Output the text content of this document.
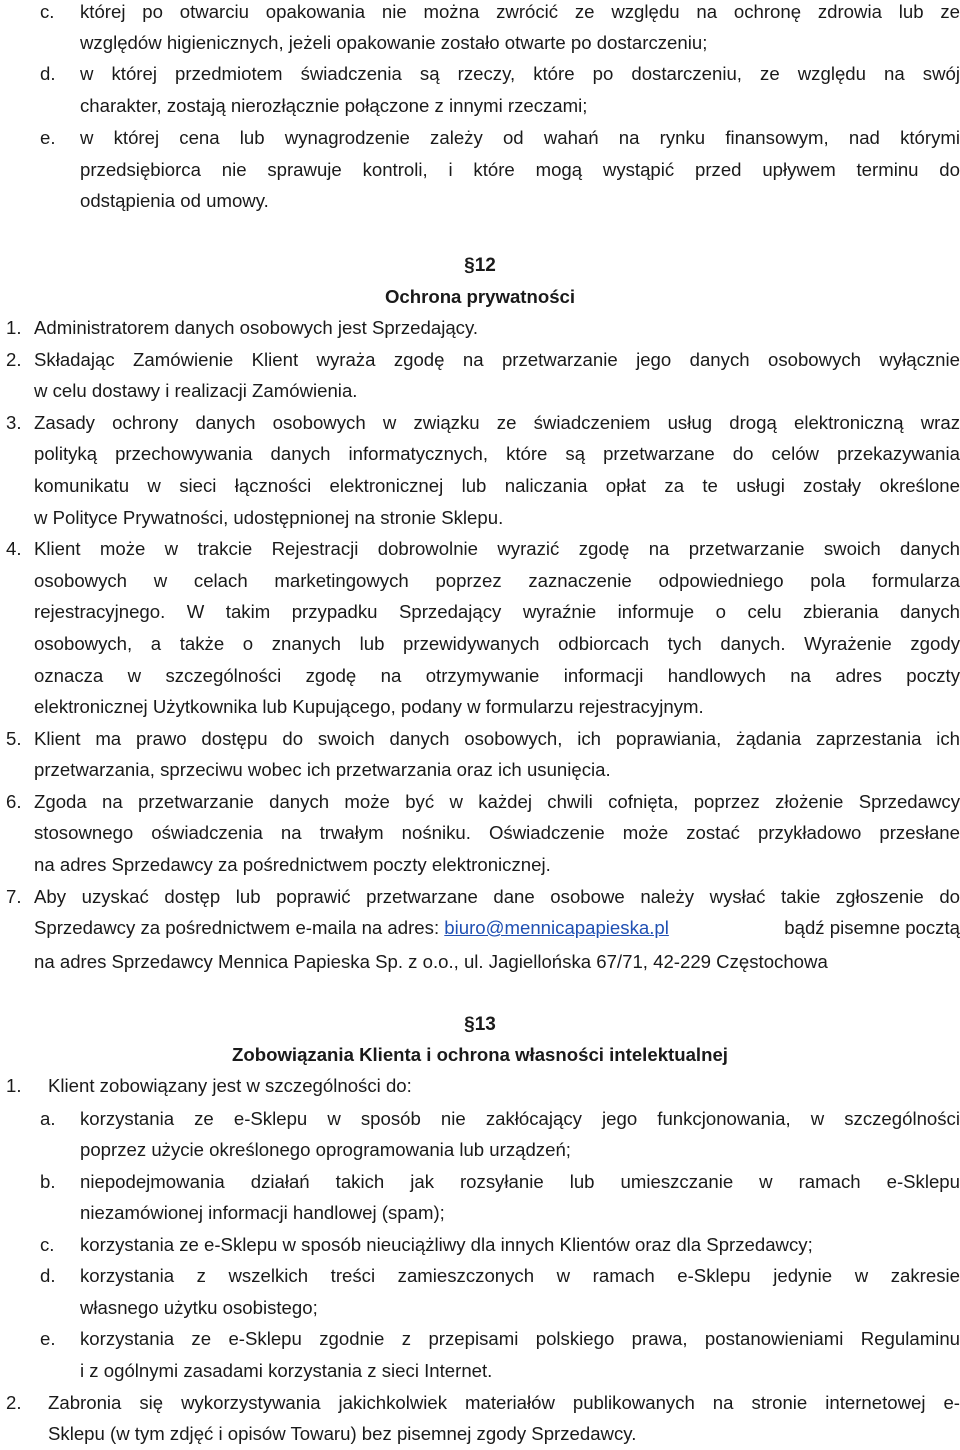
c. której po otwarciu opakowania nie można zwrócić ze względu na ochronę zdrowia lub ze
względów higienicznych, jeżeli opakowanie zostało otwarte po dostarczeniu;
d. w której przedmiotem świadczenia są rzeczy, które po dostarczeniu, ze względu na swój
charakter, zostają nierozłącznie połączone z innymi rzeczami;
e. w której cena lub wynagrodzenie zależy od wahań na rynku finansowym, nad którymi
przedsiębiorca nie sprawuje kontroli, i które mogą wystąpić przed upływem terminu do
odstąpienia od umowy.
§12
Ochrona prywatności
1. Administratorem danych osobowych jest Sprzedający.
2. Składając Zamówienie Klient wyraża zgodę na przetwarzanie jego danych osobowych wyłącznie
w celu dostawy i realizacji Zamówienia.
3. Zasady ochrony danych osobowych w związku ze świadczeniem usług drogą elektroniczną wraz
polityką przechowywania danych informatycznych, które są przetwarzane do celów przekazywania
komunikatu w sieci łączności elektronicznej lub naliczania opłat za te usługi zostały określone
w Polityce Prywatności, udostępnionej na stronie Sklepu.
4. Klient może w trakcie Rejestracji dobrowolnie wyrazić zgodę na przetwarzanie swoich danych
osobowych w celach marketingowych poprzez zaznaczenie odpowiedniego pola formularza
rejestracyjnego. W takim przypadku Sprzedający wyraźnie informuje o celu zbierania danych
osobowych, a także o znanych lub przewidywanych odbiorcach tych danych. Wyrażenie zgody
oznacza w szczególności zgodę na otrzymywanie informacji handlowych na adres poczty
elektronicznej Użytkownika lub Kupującego, podany w formularzu rejestracyjnym.
5. Klient ma prawo dostępu do swoich danych osobowych, ich poprawiania, żądania zaprzestania ich
przetwarzania, sprzeciwu wobec ich przetwarzania oraz ich usunięcia.
6. Zgoda na przetwarzanie danych może być w każdej chwili cofnięta, poprzez złożenie Sprzedawcy
stosownego oświadczenia na trwałym nośniku. Oświadczenie może zostać przykładowo przesłane
na adres Sprzedawcy za pośrednictwem poczty elektronicznej.
7. Aby uzyskać dostęp lub poprawić przetwarzane dane osobowe należy wysłać takie zgłoszenie do
Sprzedawcy za pośrednictwem e-maila na adres: biuro@mennicapapieska.pl	bądź pisemne pocztą
na adres Sprzedawcy Mennica Papieska Sp. z o.o., ul. Jagiellońska 67/71, 42-229 Częstochowa
§13
Zobowiązania Klienta i ochrona własności intelektualnej
1. Klient zobowiązany jest w szczególności do:
a. korzystania ze e-Sklepu w sposób nie zakłócający jego funkcjonowania, w szczególności
poprzez użycie określonego oprogramowania lub urządzeń;
b. niepodejmowania działań takich jak rozsyłanie lub umieszczanie w ramach e-Sklepu
niezamówionej informacji handlowej (spam);
c. korzystania ze e-Sklepu w sposób nieuciążliwy dla innych Klientów oraz dla Sprzedawcy;
d. korzystania z wszelkich treści zamieszczonych w ramach e-Sklepu jedynie w zakresie
własnego użytku osobistego;
e. korzystania ze e-Sklepu zgodnie z przepisami polskiego prawa, postanowieniami Regulaminu
i z ogólnymi zasadami korzystania z sieci Internet.
2. Zabronia się wykorzystywania jakichkolwiek materiałów publikowanych na stronie internetowej e-
Sklepu (w tym zdjęć i opisów Towaru) bez pisemnej zgody Sprzedawcy.
